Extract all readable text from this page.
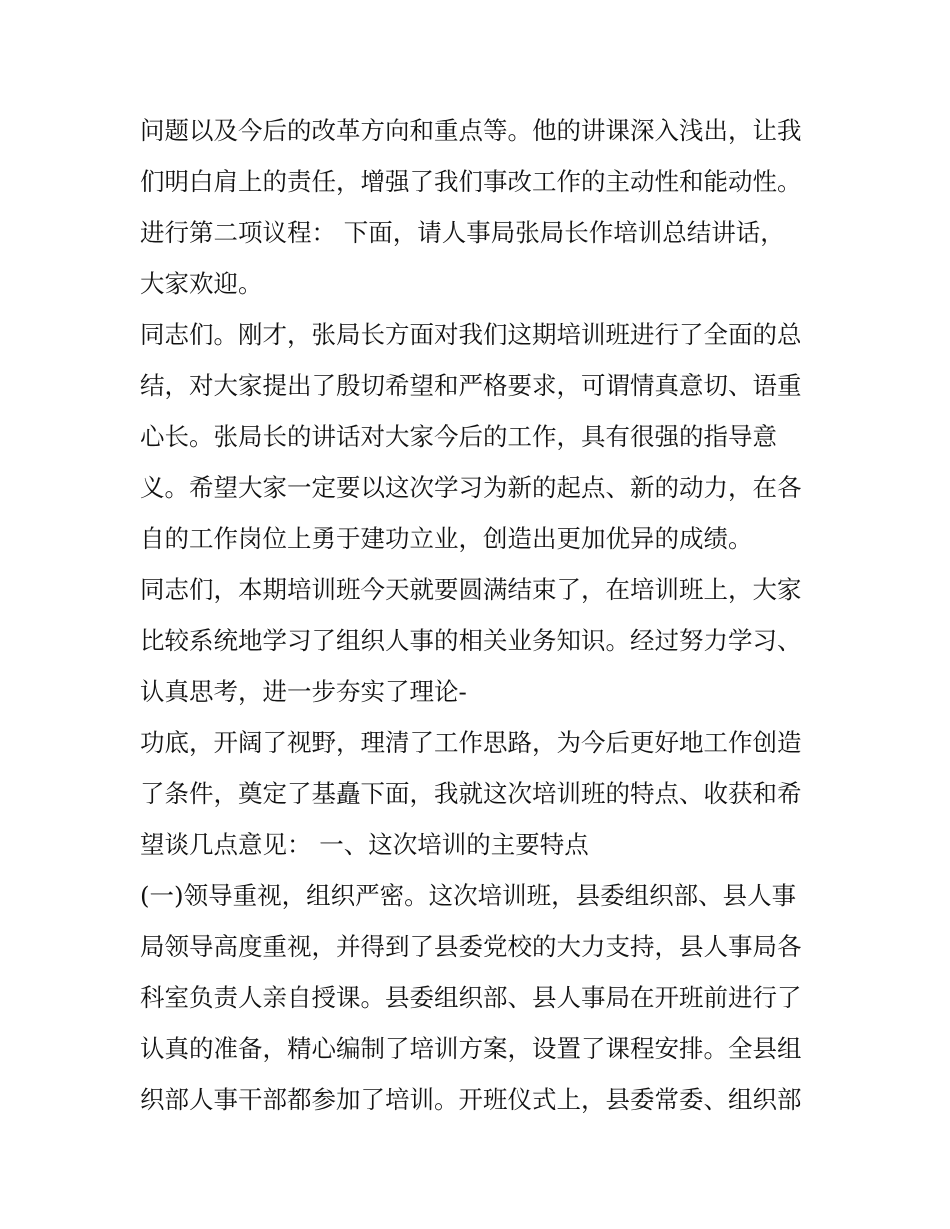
问题以及今后的改革方向和重点等。他的讲课深入浅出，让我
们明白肩上的责任，增强了我们事改工作的主动性和能动性。
进行第二项议程： 下面，请人事局张局长作培训总结讲话，
大家欢迎。
同志们。刚才，张局长方面对我们这期培训班进行了全面的总
结，对大家提出了殷切希望和严格要求，可谓情真意切、语重
心长。张局长的讲话对大家今后的工作，具有很强的指导意
义。希望大家一定要以这次学习为新的起点、新的动力，在各
自的工作岗位上勇于建功立业，创造出更加优异的成绩。
同志们，本期培训班今天就要圆满结束了，在培训班上，大家
比较系统地学习了组织人事的相关业务知识。经过努力学习、
认真思考，进一步夯实了理论-
功底，开阔了视野，理清了工作思路，为今后更好地工作创造
了条件，奠定了基矗下面，我就这次培训班的特点、收获和希
望谈几点意见： 一、这次培训的主要特点
(一)领导重视，组织严密。这次培训班，县委组织部、县人事
局领导高度重视，并得到了县委党校的大力支持，县人事局各
科室负责人亲自授课。县委组织部、县人事局在开班前进行了
认真的准备，精心编制了培训方案，设置了课程安排。全县组
织部人事干部都参加了培训。开班仪式上，县委常委、组织部
